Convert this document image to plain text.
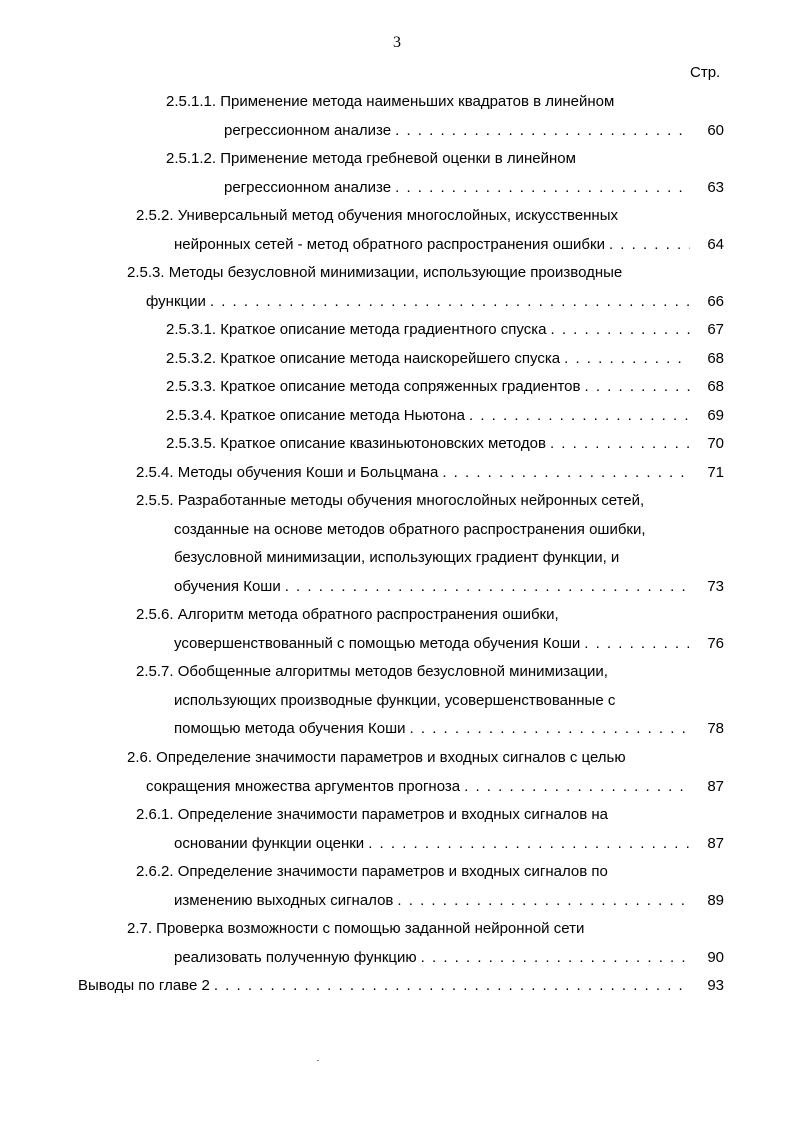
3
Стр.
2.5.1.1. Применение метода наименьших квадратов в линейном
регрессионном анализе . . .	60
2.5.1.2. Применение метода гребневой оценки в линейном
регрессионном анализе . . .	63
2.5.2. Универсальный метод обучения многослойных, искусственных
нейронных сетей - метод обратного распространения ошибки . . .	64
2.5.3. Методы безусловной минимизации, использующие производные
функции . . .	66
2.5.3.1. Краткое описание метода градиентного спуска . . .	67
2.5.3.2. Краткое описание метода наискорейшего спуска . . .	68
2.5.3.3. Краткое описание метода сопряженных градиентов . . .	68
2.5.3.4. Краткое описание метода Ньютона . . .	69
2.5.3.5. Краткое описание квазиньютоновских методов . . .	70
2.5.4. Методы обучения Коши и Больцмана . . .	71
2.5.5. Разработанные методы обучения многослойных нейронных сетей,
созданные на основе методов обратного распространения ошибки,
безусловной минимизации, использующих градиент функции, и
обучения Коши . . .	73
2.5.6. Алгоритм метода обратного распространения ошибки,
усовершенствованный с помощью метода обучения Коши . . .	76
2.5.7. Обобщенные алгоритмы методов безусловной минимизации,
использующих производные функции, усовершенствованные с
помощью метода обучения Коши . . .	78
2.6. Определение значимости параметров и входных сигналов с целью
сокращения множества аргументов прогноза . . .	87
2.6.1. Определение значимости параметров и входных сигналов на
основании функции оценки . . .	87
2.6.2. Определение значимости параметров и входных сигналов по
изменению выходных сигналов . . .	89
2.7. Проверка возможности с помощью заданной нейронной сети
реализовать полученную функцию . . .	90
Выводы по главе 2 . . .	93
